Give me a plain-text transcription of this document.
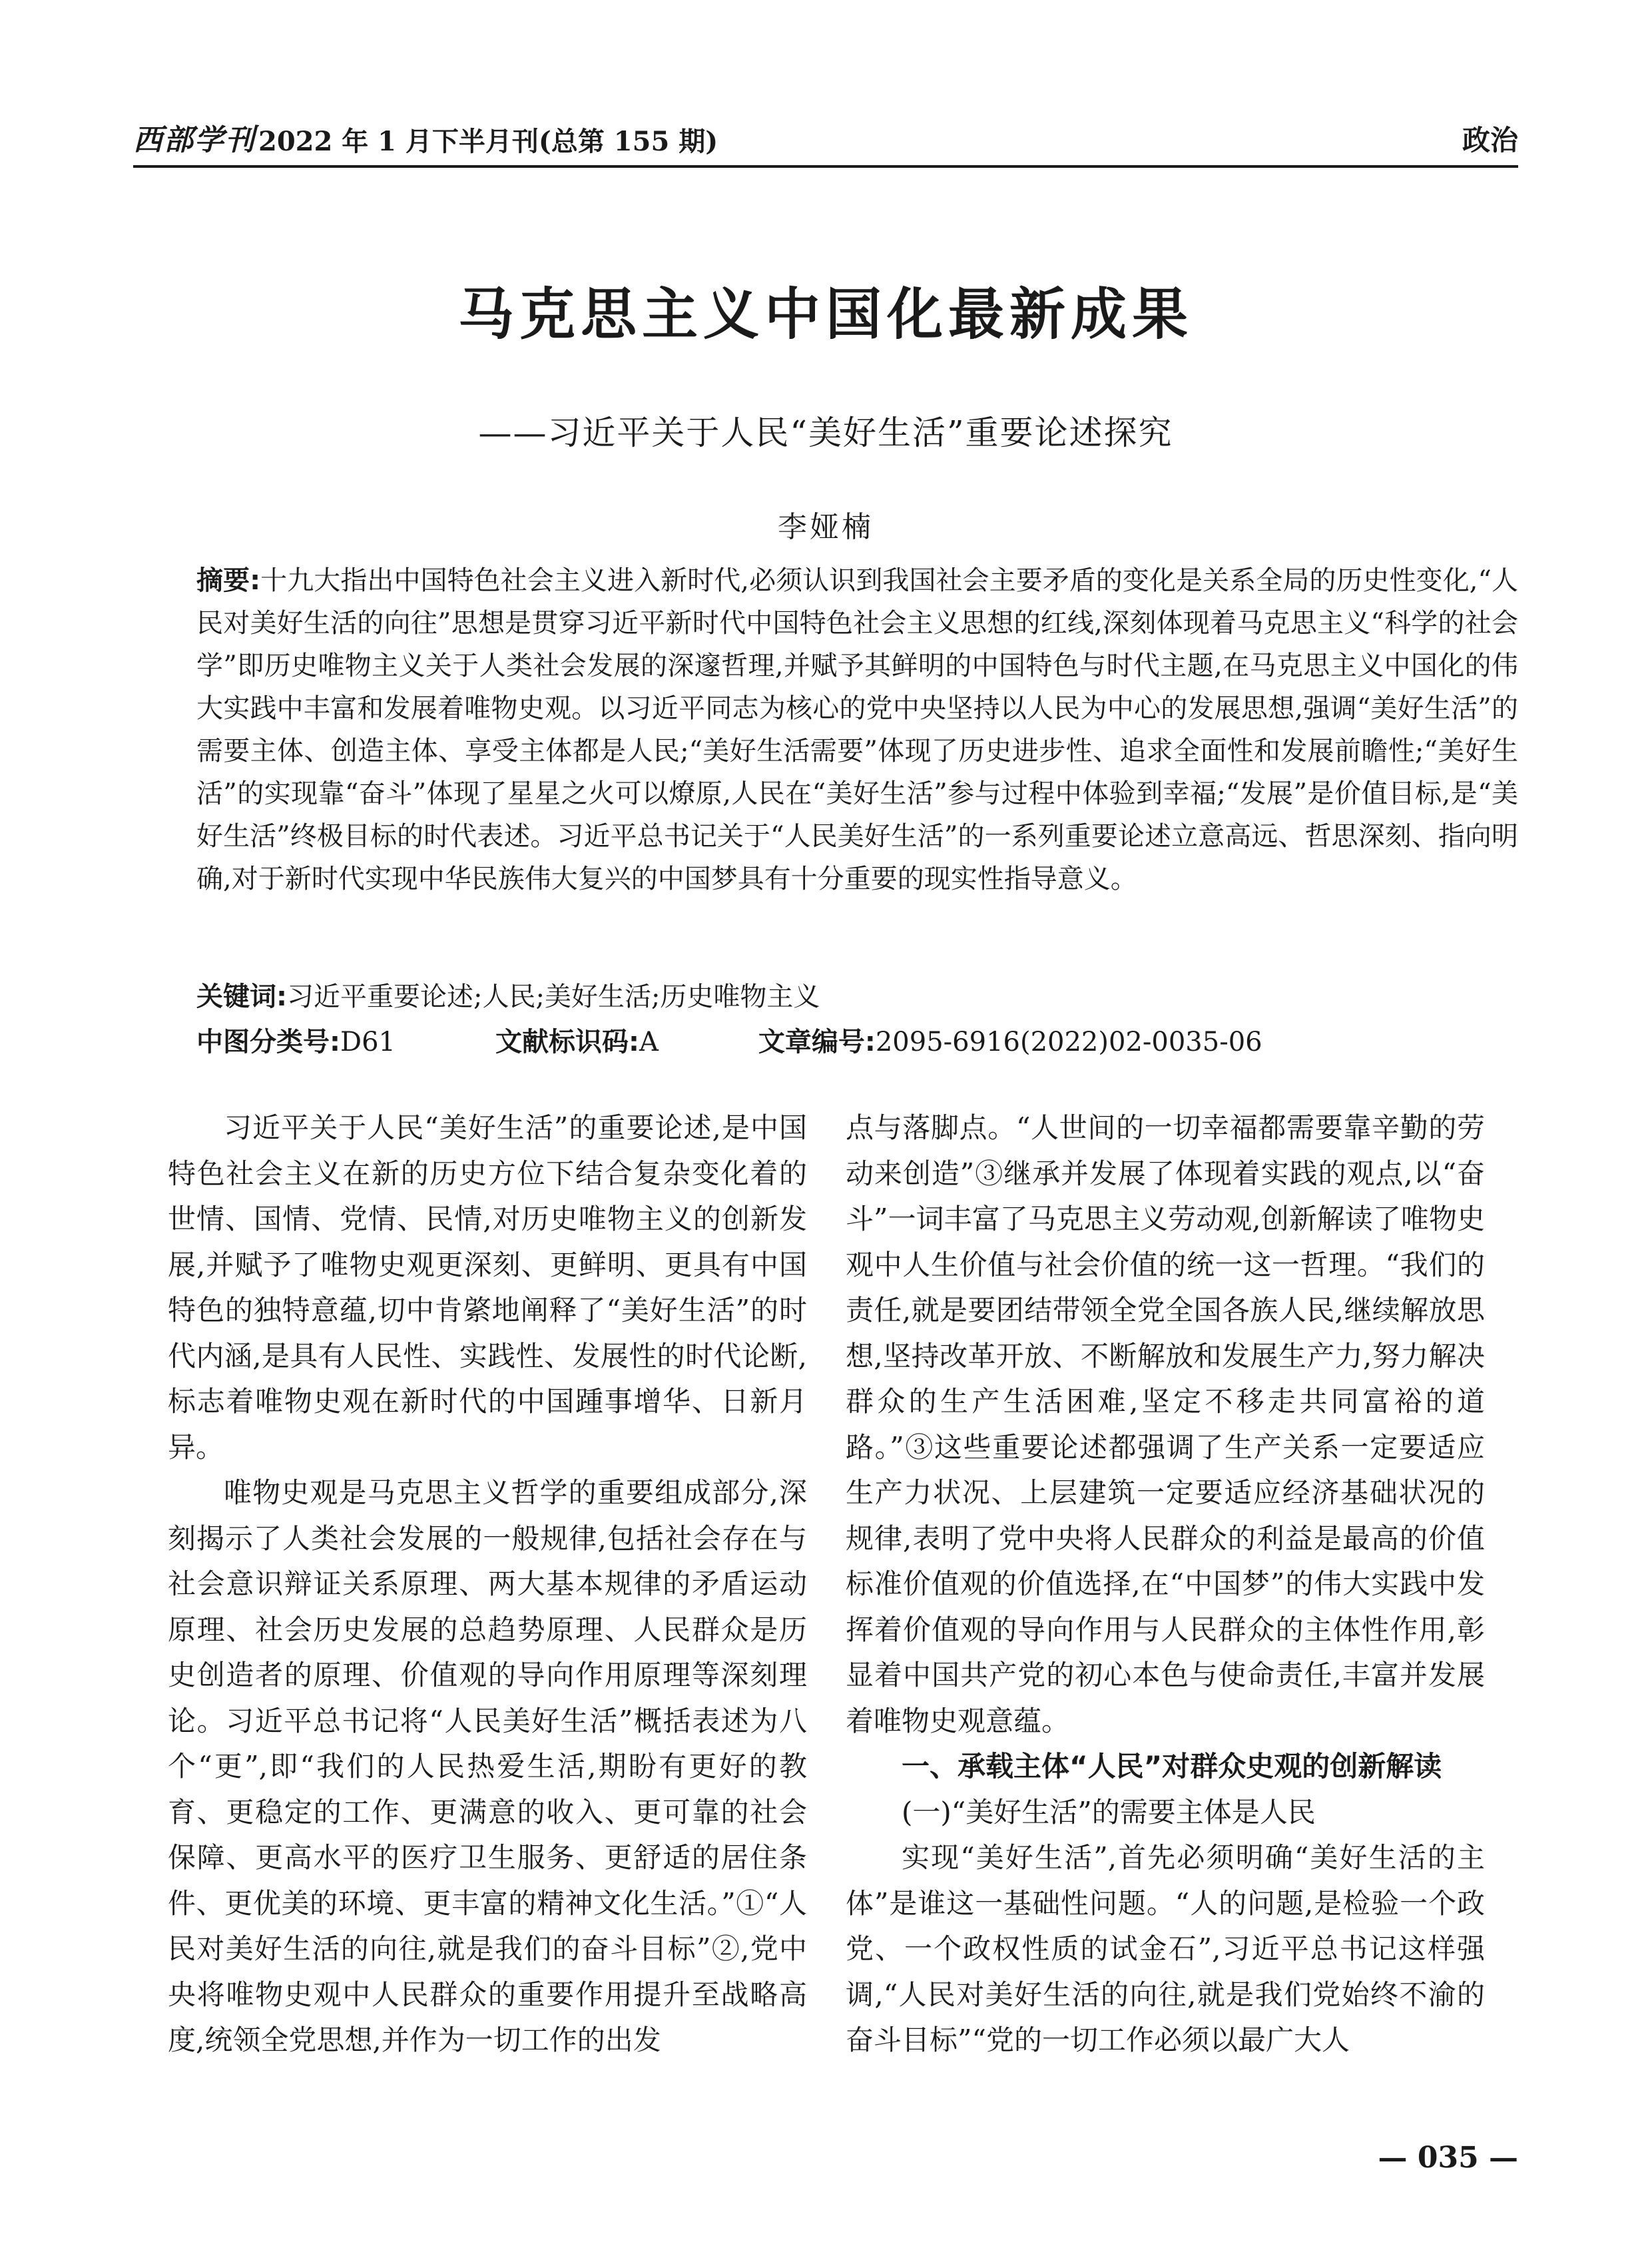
西部学刊 2022 年 1 月下半月刊(总第 155 期)	政治
马克思主义中国化最新成果
——习近平关于人民“美好生活”重要论述探究
李娅楠

摘要:十九大指出中国特色社会主义进入新时代,必须认识到我国社会主要矛盾的变化是关系全局的历史性变化,“人民对美好生活的向往”思想是贯穿习近平新时代中国特色社会主义思想的红线,深刻体现着马克思主义“科学的社会学”即历史唯物主义关于人类社会发展的深邃哲理,并赋予其鲜明的中国特色与时代主题,在马克思主义中国化的伟大实践中丰富和发展着唯物史观。以习近平同志为核心的党中央坚持以人民为中心的发展思想,强调“美好生活”的需要主体、创造主体、享受主体都是人民;“美好生活需要”体现了历史进步性、追求全面性和发展前瞻性;“美好生活”的实现靠“奋斗”体现了星星之火可以燎原,人民在“美好生活”参与过程中体验到幸福;“发展”是价值目标,是“美好生活”终极目标的时代表述。习近平总书记关于“人民美好生活”的一系列重要论述立意高远、哲思深刻、指向明确,对于新时代实现中华民族伟大复兴的中国梦具有十分重要的现实性指导意义。

关键词:习近平重要论述;人民;美好生活;历史唯物主义
中图分类号:D61	文献标识码:A	文章编号:2095-6916(2022)02-0035-06

习近平关于人民“美好生活”的重要论述,是中国特色社会主义在新的历史方位下结合复杂变化着的世情、国情、党情、民情,对历史唯物主义的创新发展,并赋予了唯物史观更深刻、更鲜明、更具有中国特色的独特意蕴,切中肯綮地阐释了“美好生活”的时代内涵,是具有人民性、实践性、发展性的时代论断,标志着唯物史观在新时代的中国踵事增华、日新月异。

唯物史观是马克思主义哲学的重要组成部分,深刻揭示了人类社会发展的一般规律,包括社会存在与社会意识辩证关系原理、两大基本规律的矛盾运动原理、社会历史发展的总趋势原理、人民群众是历史创造者的原理、价值观的导向作用原理等深刻理论。习近平总书记将“人民美好生活”概括表述为八个“更”,即“我们的人民热爱生活,期盼有更好的教育、更稳定的工作、更满意的收入、更可靠的社会保障、更高水平的医疗卫生服务、更舒适的居住条件、更优美的环境、更丰富的精神文化生活。”①“人民对美好生活的向往,就是我们的奋斗目标”②,党中央将唯物史观中人民群众的重要作用提升至战略高度,统领全党思想,并作为一切工作的出发

点与落脚点。“人世间的一切幸福都需要靠辛勤的劳动来创造”③继承并发展了体现着实践的观点,以“奋斗”一词丰富了马克思主义劳动观,创新解读了唯物史观中人生价值与社会价值的统一这一哲理。“我们的责任,就是要团结带领全党全国各族人民,继续解放思想,坚持改革开放、不断解放和发展生产力,努力解决群众的生产生活困难,坚定不移走共同富裕的道路。”③这些重要论述都强调了生产关系一定要适应生产力状况、上层建筑一定要适应经济基础状况的规律,表明了党中央将人民群众的利益是最高的价值标准价值观的价值选择,在“中国梦”的伟大实践中发挥着价值观的导向作用与人民群众的主体性作用,彰显着中国共产党的初心本色与使命责任,丰富并发展着唯物史观意蕴。

一、承载主体“人民”对群众史观的创新解读

(一)“美好生活”的需要主体是人民

实现“美好生活”,首先必须明确“美好生活的主体”是谁这一基础性问题。“人的问题,是检验一个政党、一个政权性质的试金石”,习近平总书记这样强调,“人民对美好生活的向往,就是我们党始终不渝的奋斗目标”“党的一切工作必须以最广大人

— 035 —
